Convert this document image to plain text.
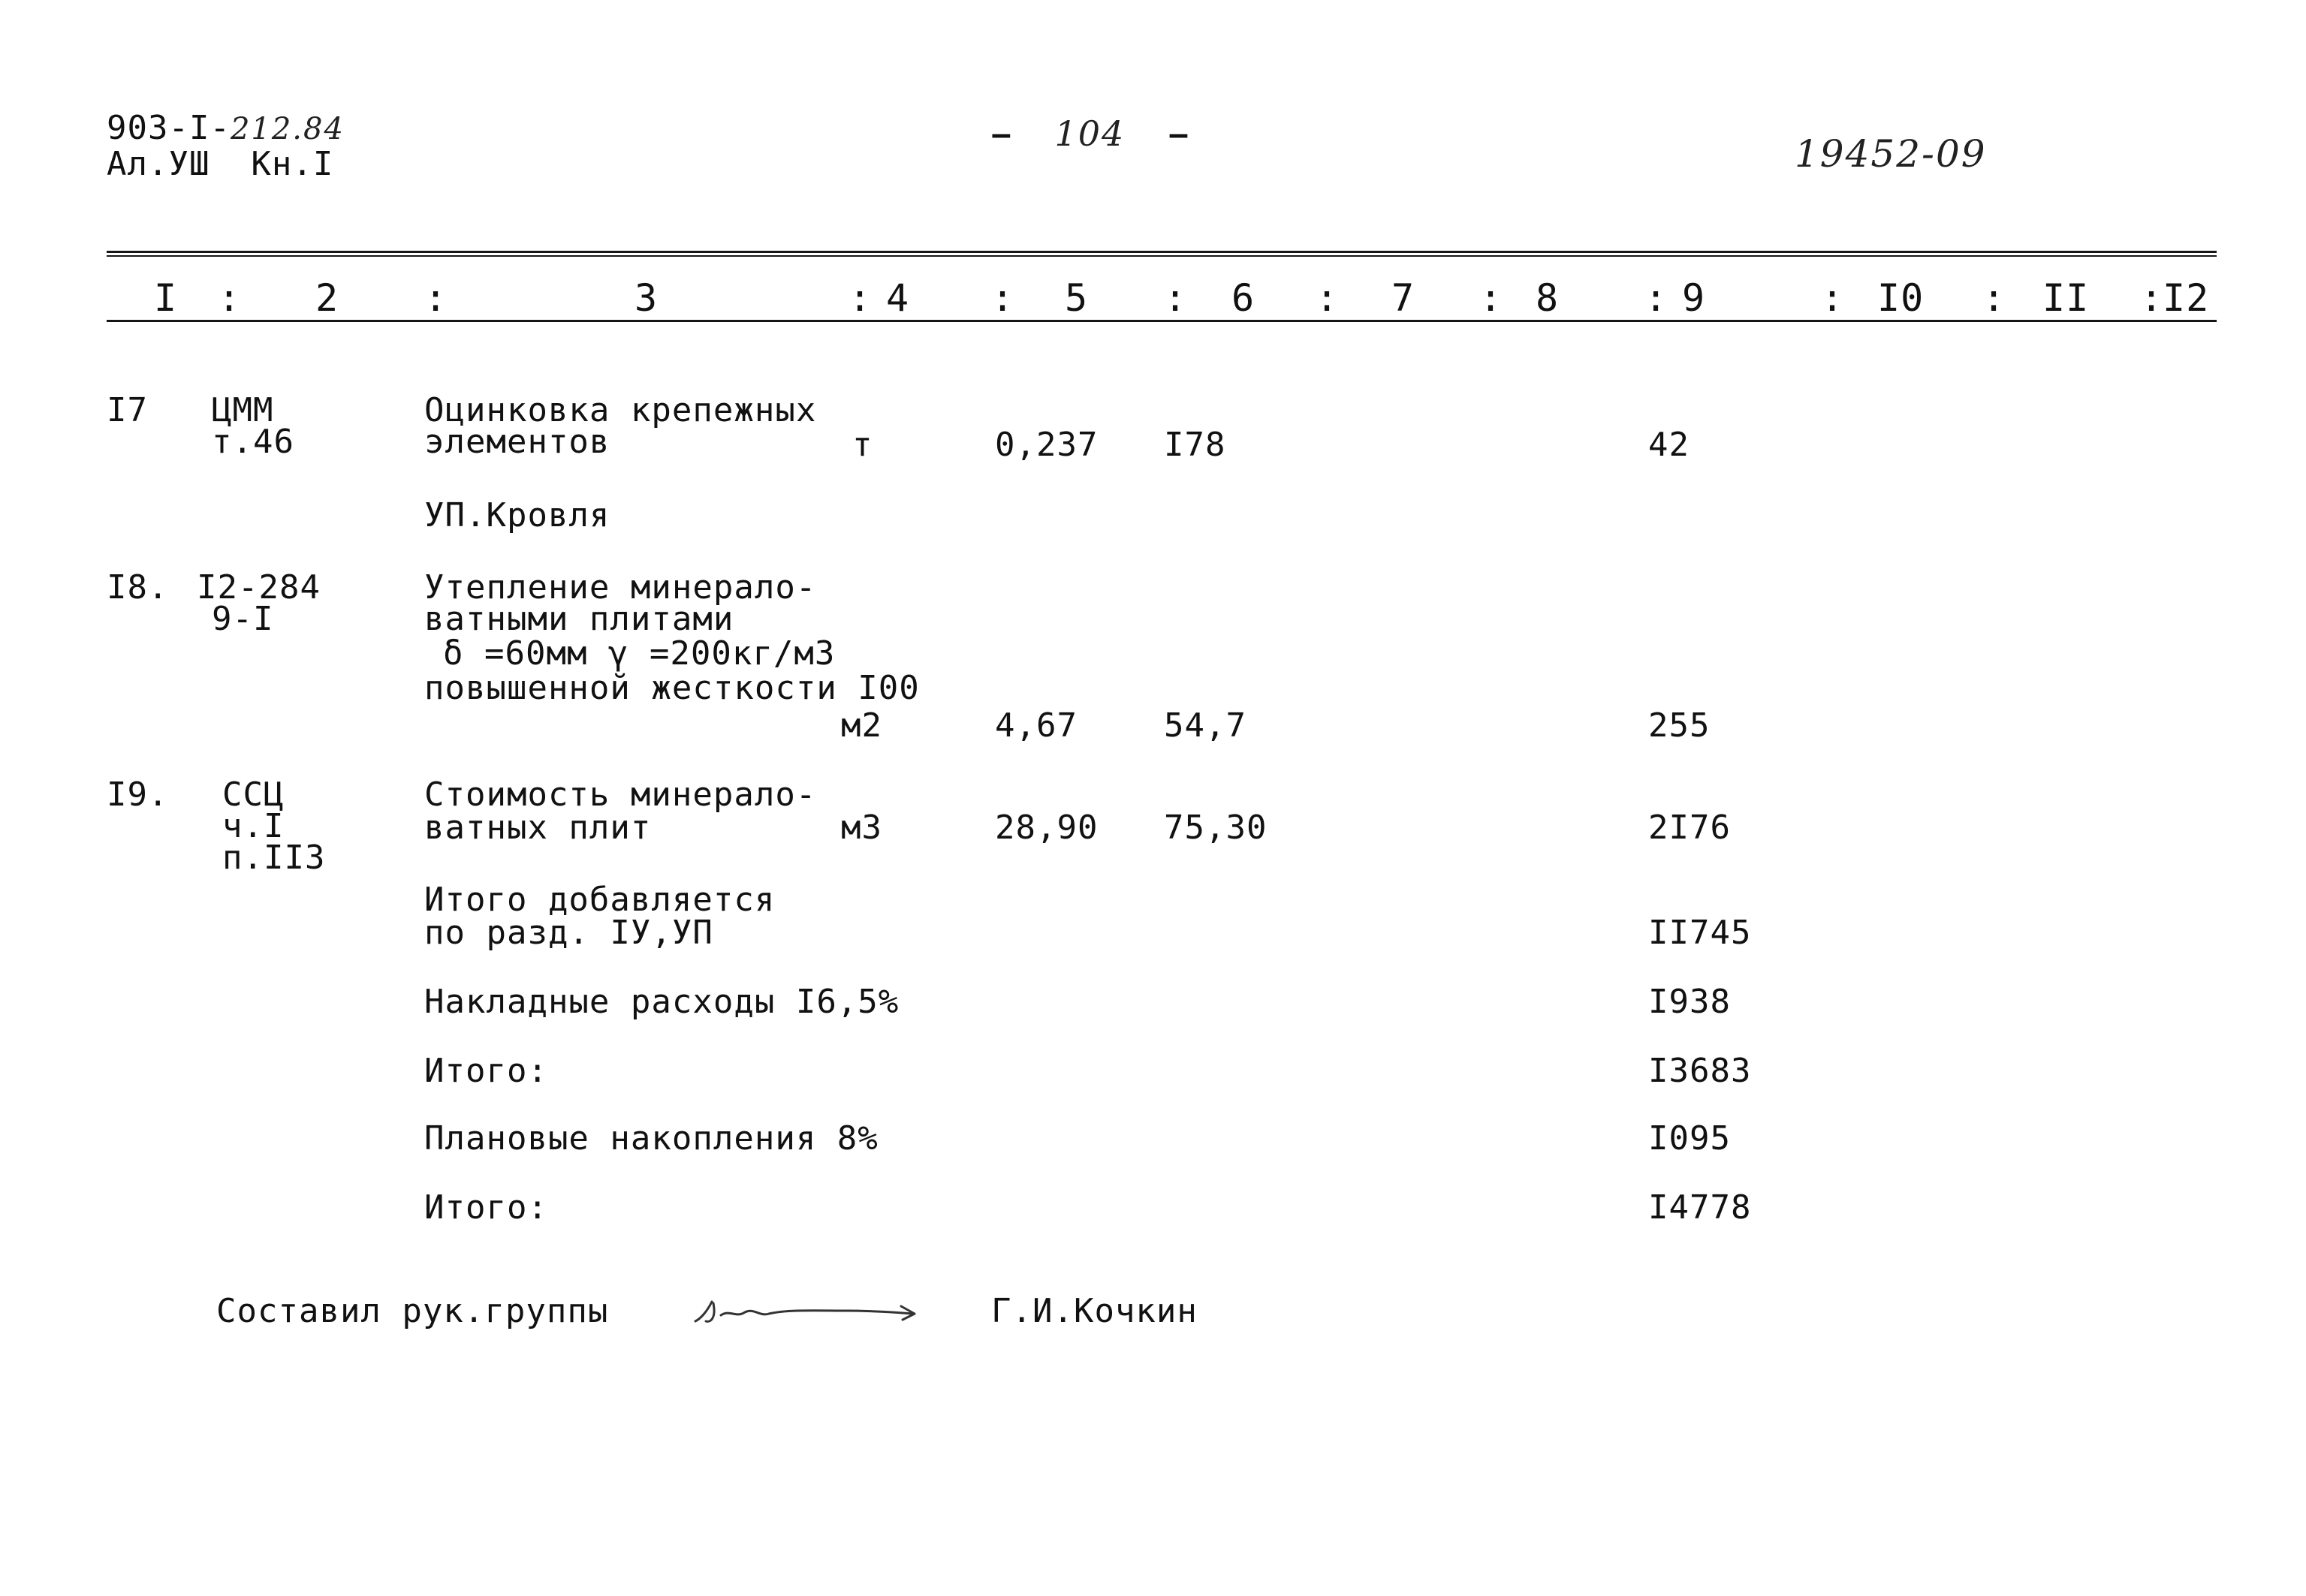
903-I-212.84
Ал.УШ  Кн.I
– 104 –	19452-09
I : 2 :	3	: 4 : 5 : 6 : 7 : 8 : 9	: I0 : II :
I2
I7 ЦММ
т.46
Оцинковка крепежных
элементов	т	0,237 I78	42
УП.Кровля
I8. I2-284
9-I
Утепление минерало-
ватными плитами
δ =60мм γ =200кг/м3
повышенной жесткости I00
м2	4,67	54,7	255
I9. ССЦ
ч.I
п.II3
Стоимость минерало-
ватных плит	м3	28,90 75,30	2I76
Итого добавляется
по разд. IУ,УП	II745
Накладные расходы I6,5%	I938
Итого:	I3683
Плановые накопления 8%	I095
Итого:	I4778
Составил рук.группы	Г.И.Кочкин
